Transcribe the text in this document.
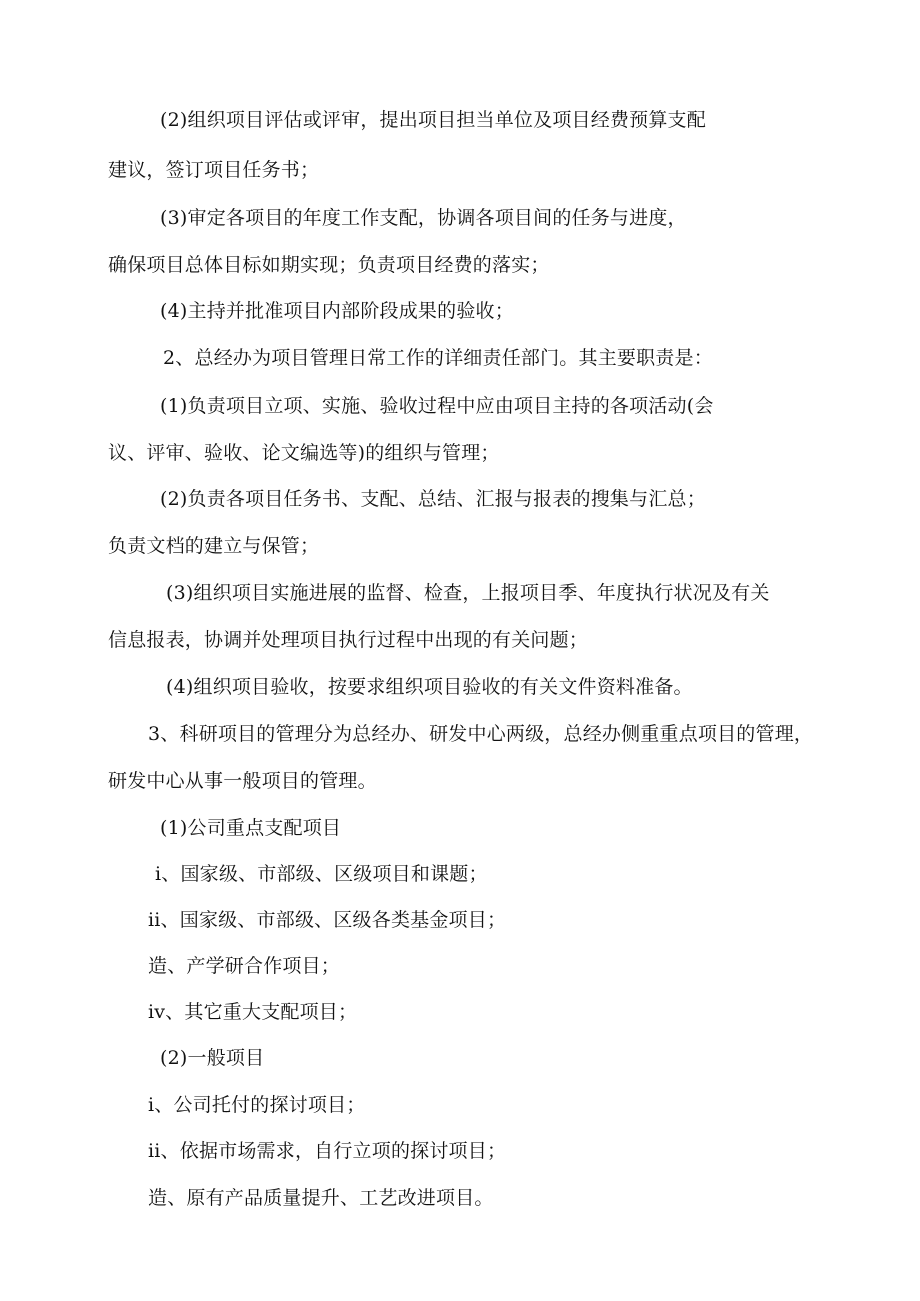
(2)组织项目评估或评审，提出项目担当单位及项目经费预算支配
建议，签订项目任务书；
(3)审定各项目的年度工作支配，协调各项目间的任务与进度，
确保项目总体目标如期实现；负责项目经费的落实；
(4)主持并批准项目内部阶段成果的验收；
2、总经办为项目管理日常工作的详细责任部门。其主要职责是：
(1)负责项目立项、实施、验收过程中应由项目主持的各项活动(会
议、评审、验收、论文编选等)的组织与管理；
(2)负责各项目任务书、支配、总结、汇报与报表的搜集与汇总；
负责文档的建立与保管；
(3)组织项目实施进展的监督、检查，上报项目季、年度执行状况及有关
信息报表，协调并处理项目执行过程中出现的有关问题；
(4)组织项目验收，按要求组织项目验收的有关文件资料准备。
3、科研项目的管理分为总经办、研发中心两级，总经办侧重重点项目的管理，
研发中心从事一般项目的管理。
(1)公司重点支配项目
i、国家级、市部级、区级项目和课题；
ii、国家级、市部级、区级各类基金项目；
造、产学研合作项目；
iv、其它重大支配项目；
(2)一般项目
i、公司托付的探讨项目；
ii、依据市场需求，自行立项的探讨项目；
造、原有产品质量提升、工艺改进项目。
